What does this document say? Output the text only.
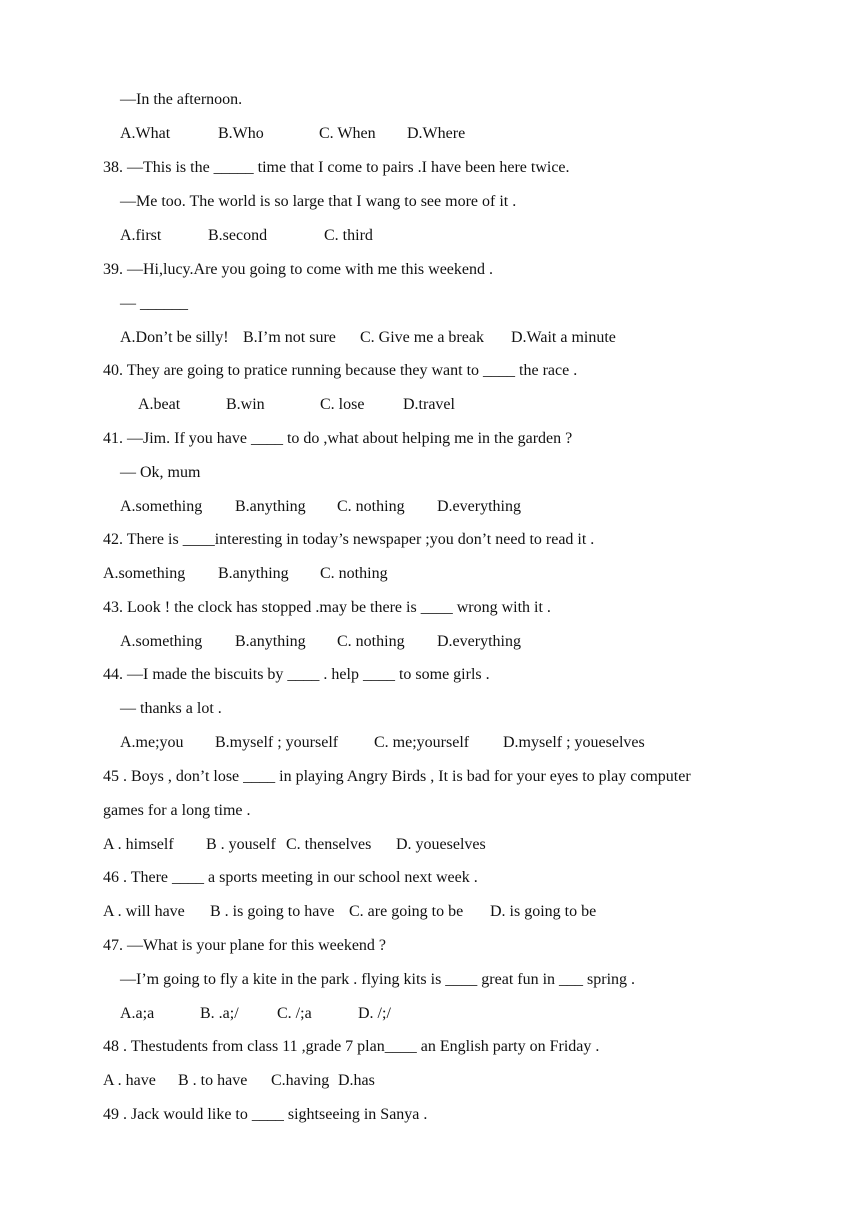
—In the afternoon.
A.What	B.Who	C. When D.Where
38. —This is the _____ time that I come to pairs .I have been here twice.
—Me too. The world is so large that I wang to see more of it .
A.first	B.second	C. third
39. —Hi,lucy.Are you going to come with me this weekend .
— ______
A.Don’t be silly! B.I’m not sure C. Give me a break D.Wait a minute
40. They are going to pratice running because they want to ____ the race .
A.beat	B.win	C. lose D.travel
41. —Jim. If you have ____ to do ,what about helping me in the garden ?
— Ok, mum
A.something B.anything C. nothing D.everything
42. There is ____interesting in today’s newspaper ;you don’t need to read it .
A.something B.anything C. nothing
43. Look ! the clock has stopped .may be there is ____ wrong with it .
A.something B.anything C. nothing D.everything
44. —I made the biscuits by ____ . help ____ to some girls .
— thanks a lot .
A.me;you B.myself ; yourself C. me;yourself D.myself ; youeselves
45 . Boys , don’t lose ____ in playing Angry Birds , It is bad for your eyes to play computer
games for a long time .
A . himself B . youself C. thenselves D. youeselves
46 . There ____ a sports meeting in our school next week .
A . will have B . is going to have C. are going to be D. is going to be
47. —What is your plane for this weekend ?
—I’m going to fly a kite in the park . flying kits is ____ great fun in ___ spring .
A.a;a	B. .a;/ C. /;a	D. /;/
48 . Thestudents from class 11 ,grade 7 plan____ an English party on Friday .
A . have B . to have C.having D.has
49 . Jack would like to ____ sightseeing in Sanya .
